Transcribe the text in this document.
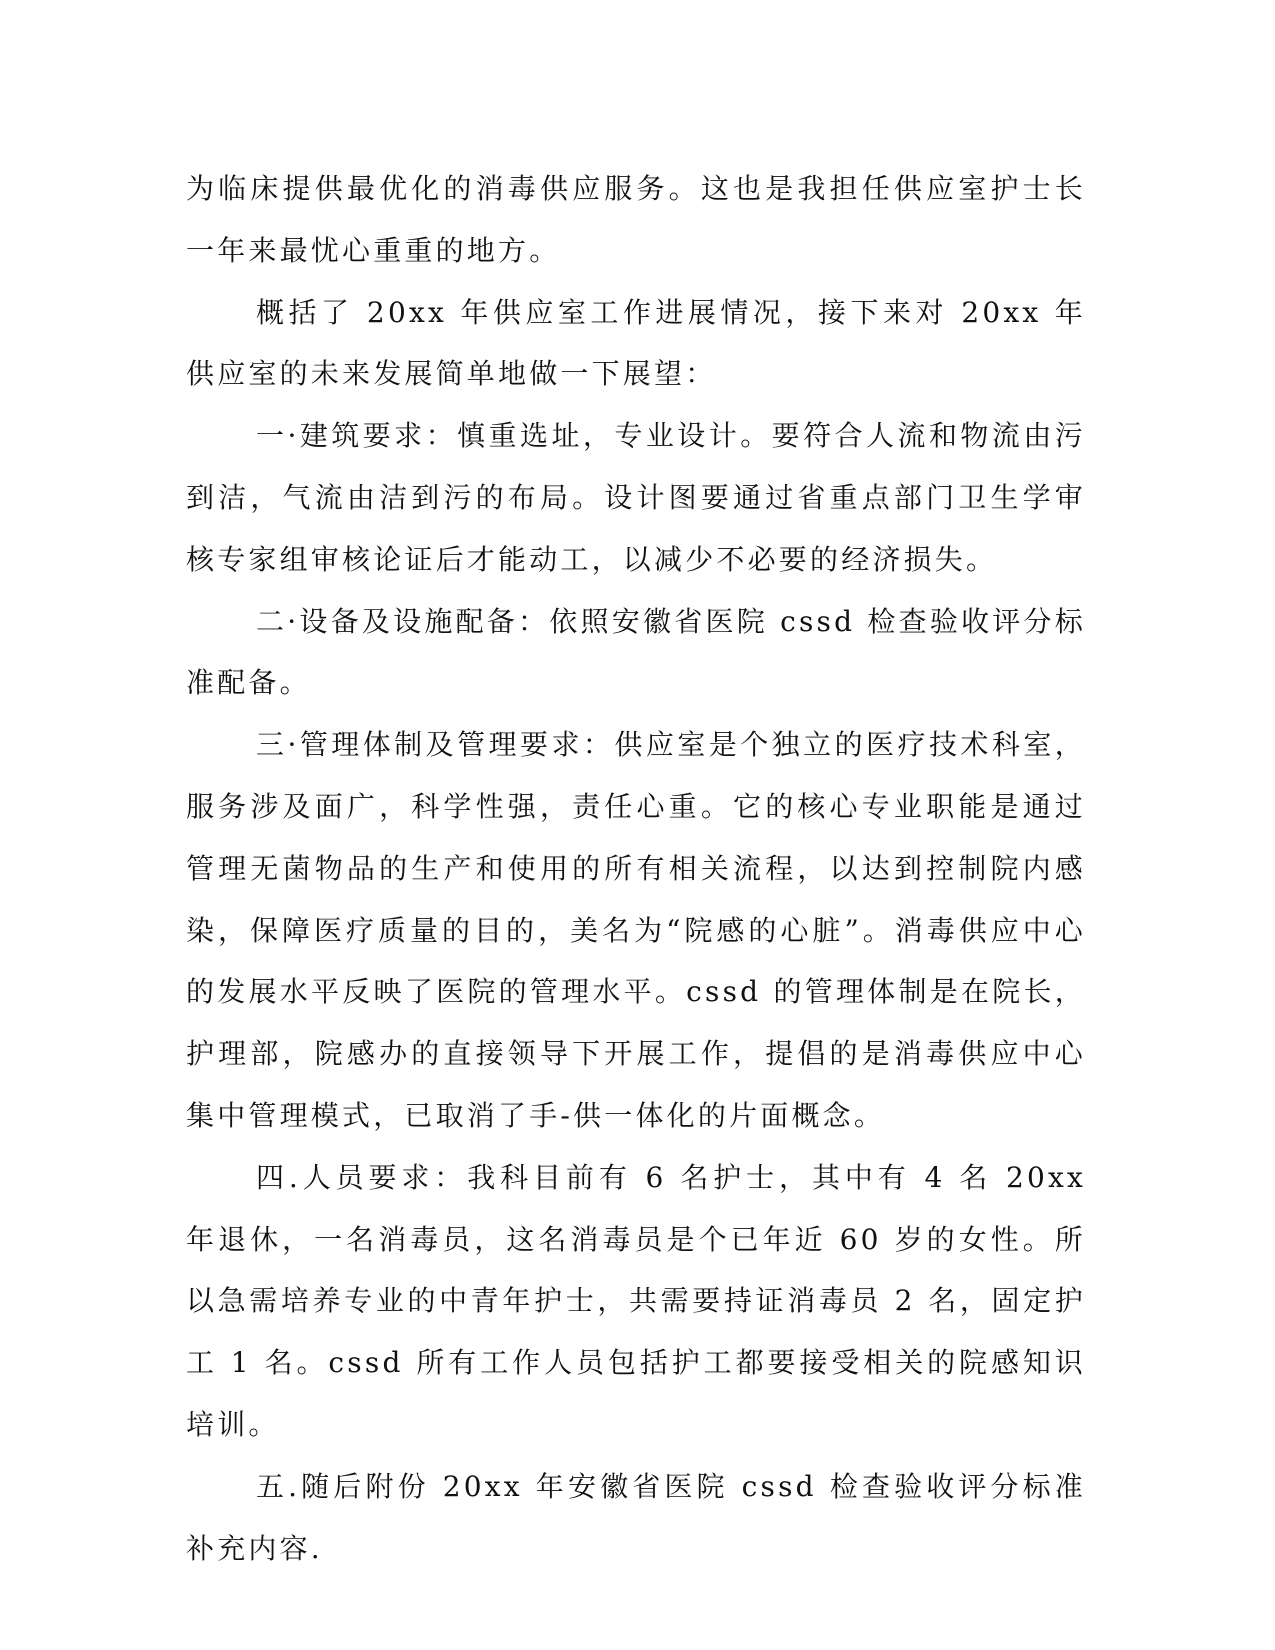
为临床提供最优化的消毒供应服务。这也是我担任供应室护士长一年来最忧心重重的地方。

概括了 20xx 年供应室工作进展情况，接下来对 20xx 年供应室的未来发展简单地做一下展望：

一·建筑要求：慎重选址，专业设计。要符合人流和物流由污到洁，气流由洁到污的布局。设计图要通过省重点部门卫生学审核专家组审核论证后才能动工，以减少不必要的经济损失。

二·设备及设施配备：依照安徽省医院 cssd 检查验收评分标准配备。

三·管理体制及管理要求：供应室是个独立的医疗技术科室，服务涉及面广，科学性强，责任心重。它的核心专业职能是通过管理无菌物品的生产和使用的所有相关流程，以达到控制院内感染，保障医疗质量的目的，美名为“院感的心脏”。消毒供应中心的发展水平反映了医院的管理水平。cssd 的管理体制是在院长，护理部，院感办的直接领导下开展工作，提倡的是消毒供应中心集中管理模式，已取消了手-供一体化的片面概念。

四.人员要求：我科目前有 6 名护士，其中有 4 名 20xx 年退休，一名消毒员，这名消毒员是个已年近 60 岁的女性。所以急需培养专业的中青年护士，共需要持证消毒员 2 名，固定护工 1 名。cssd 所有工作人员包括护工都要接受相关的院感知识培训。

五.随后附份 20xx 年安徽省医院 cssd 检查验收评分标准补充内容.
